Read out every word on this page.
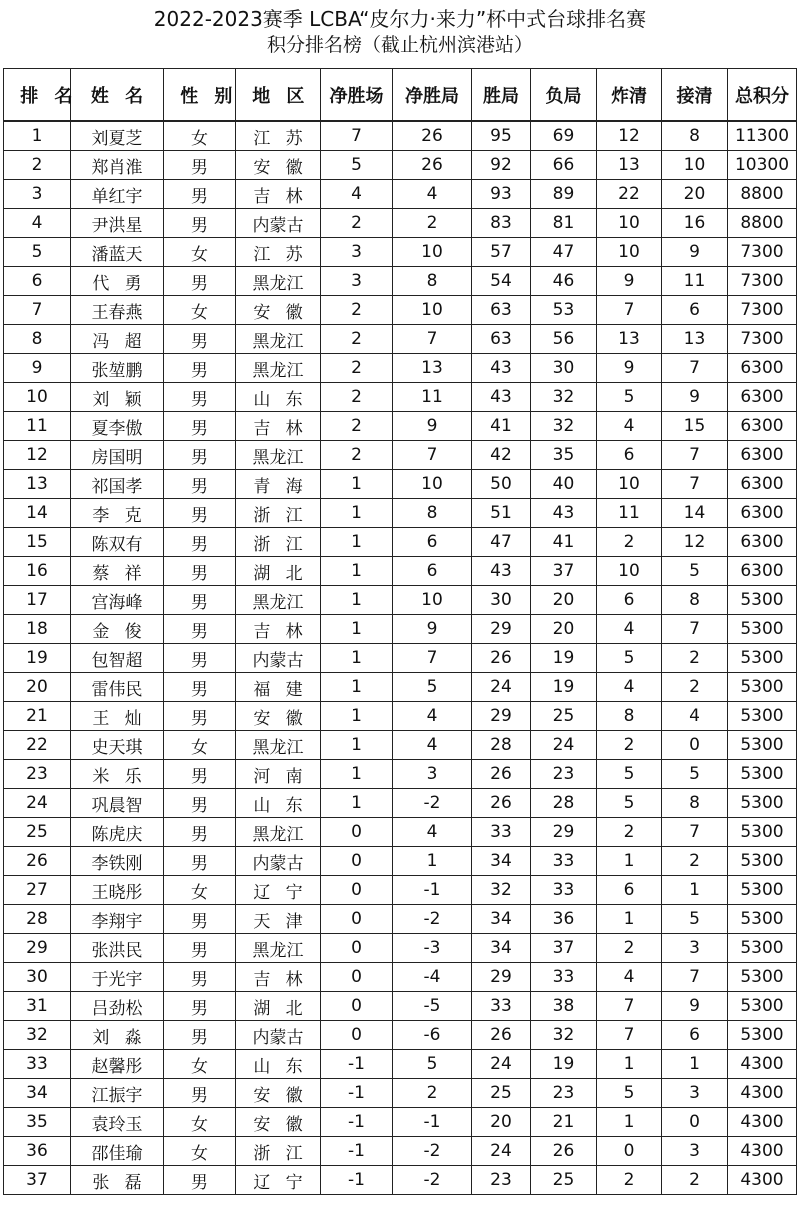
2022-2023赛季 LCBA“皮尔力·来力”杯中式台球排名赛
积分排名榜（截止杭州滨港站）
排名	姓名	性别	地区	净胜场	净胜局	胜局	负局	炸清	接清	总积分
1	刘夏芝	女	江苏	7	26	95	69	12	8	11300
2	郑肖淮	男	安徽	5	26	92	66	13	10	10300
3	单红宇	男	吉林	4	4	93	89	22	20	8800
4	尹洪星	男	内蒙古	2	2	83	81	10	16	8800
5	潘蓝天	女	江苏	3	10	57	47	10	9	7300
6	代勇	男	黑龙江	3	8	54	46	9	11	7300
7	王春燕	女	安徽	2	10	63	53	7	6	7300
8	冯超	男	黑龙江	2	7	63	56	13	13	7300
9	张堃鹏	男	黑龙江	2	13	43	30	9	7	6300
10	刘颖	男	山东	2	11	43	32	5	9	6300
11	夏李傲	男	吉林	2	9	41	32	4	15	6300
12	房国明	男	黑龙江	2	7	42	35	6	7	6300
13	祁国孝	男	青海	1	10	50	40	10	7	6300
14	李克	男	浙江	1	8	51	43	11	14	6300
15	陈双有	男	浙江	1	6	47	41	2	12	6300
16	蔡祥	男	湖北	1	6	43	37	10	5	6300
17	宫海峰	男	黑龙江	1	10	30	20	6	8	5300
18	金俊	男	吉林	1	9	29	20	4	7	5300
19	包智超	男	内蒙古	1	7	26	19	5	2	5300
20	雷伟民	男	福建	1	5	24	19	4	2	5300
21	王灿	男	安徽	1	4	29	25	8	4	5300
22	史天琪	女	黑龙江	1	4	28	24	2	0	5300
23	米乐	男	河南	1	3	26	23	5	5	5300
24	巩晨智	男	山东	1	-2	26	28	5	8	5300
25	陈虎庆	男	黑龙江	0	4	33	29	2	7	5300
26	李铁刚	男	内蒙古	0	1	34	33	1	2	5300
27	王晓彤	女	辽宁	0	-1	32	33	6	1	5300
28	李翔宇	男	天津	0	-2	34	36	1	5	5300
29	张洪民	男	黑龙江	0	-3	34	37	2	3	5300
30	于光宇	男	吉林	0	-4	29	33	4	7	5300
31	吕劲松	男	湖北	0	-5	33	38	7	9	5300
32	刘淼	男	内蒙古	0	-6	26	32	7	6	5300
33	赵馨彤	女	山东	-1	5	24	19	1	1	4300
34	江振宇	男	安徽	-1	2	25	23	5	3	4300
35	袁玲玉	女	安徽	-1	-1	20	21	1	0	4300
36	邵佳瑜	女	浙江	-1	-2	24	26	0	3	4300
37	张磊	男	辽宁	-1	-2	23	25	2	2	4300
